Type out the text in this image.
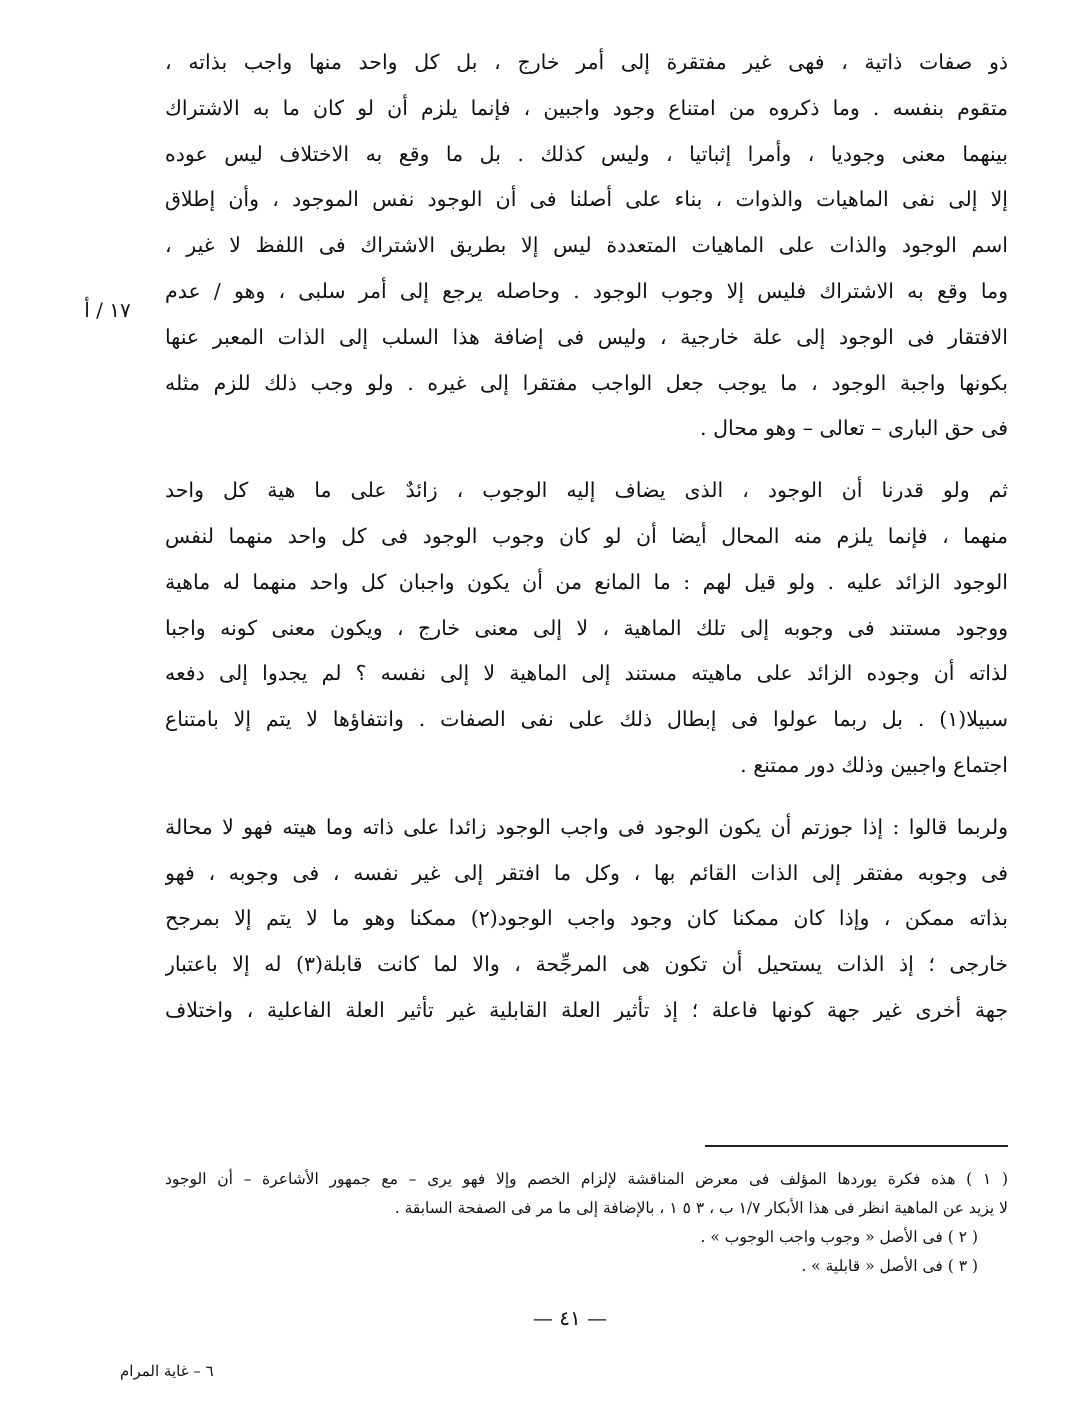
ذو صفات ذاتية ، فهى غير مفتقرة إلى أمر خارج ، بل كل واحد منها واجب بذاته ،
متقوم بنفسه . وما ذكروه من امتناع وجود واجبين ، فإنما يلزم أن لو كان ما به الاشتراك
بينهما معنى وجوديا ، وأمرا إثباتيا ، وليس كذلك . بل ما وقع به الاختلاف ليس عوده
إلا إلى نفى الماهيات والذوات ، بناء على أصلنا فى أن الوجود نفس الموجود ، وأن إطلاق
اسم الوجود والذات على الماهيات المتعددة ليس إلا بطريق الاشتراك فى اللفظ لا غير ،
وما وقع به الاشتراك فليس إلا وجوب الوجود . وحاصله يرجع إلى أمر سلبى ، وهو / عدم
الافتقار فى الوجود إلى علة خارجية ، وليس فى إضافة هذا السلب إلى الذات المعبر عنها
بكونها واجبة الوجود ، ما يوجب جعل الواجب مفتقرا إلى غيره . ولو وجب ذلك للزم مثله
فى حق البارى – تعالى – وهو محال .
ثم ولو قدرنا أن الوجود ، الذى يضاف إليه الوجوب ، زائدٌ على ما هية كل واحد
منهما ، فإنما يلزم منه المحال أيضا أن لو كان وجوب الوجود فى كل واحد منهما لنفس
الوجود الزائد عليه . ولو قيل لهم : ما المانع من أن يكون واجبان كل واحد منهما له ماهية
ووجود مستند فى وجوبه إلى تلك الماهية ، لا إلى معنى خارج ، ويكون معنى كونه واجبا
لذاته أن وجوده الزائد على ماهيته مستند إلى الماهية لا إلى نفسه ؟ لم يجدوا إلى دفعه
سبيلا(١) . بل ربما عولوا فى إبطال ذلك على نفى الصفات . وانتفاؤها لا يتم إلا بامتناع
اجتماع واجبين وذلك دور ممتنع .
ولربما قالوا : إذا جوزتم أن يكون الوجود فى واجب الوجود زائدا على ذاته وما هيته فهو لا محالة
فى وجوبه مفتقر إلى الذات القائم بها ، وكل ما افتقر إلى غير نفسه ، فى وجوبه ، فهو
بذاته ممكن ، وإذا كان ممكنا كان وجود واجب الوجود(٢) ممكنا وهو ما لا يتم إلا بمرجح
خارجى ؛ إذ الذات يستحيل أن تكون هى المرجِّحة ، والا لما كانت قابلة(٣) له إلا باعتبار
جهة أخرى غير جهة كونها فاعلة ؛ إذ تأثير العلة القابلية غير تأثير العلة الفاعلية ، واختلاف
١٧ / أ
( ١ ) هذه فكرة يوردها المؤلف فى معرض المناقشة لإلزام الخصم وإلا فهو يرى – مع جمهور الأشاعرة – أن الوجود
لا يزيد عن الماهية انظر فى هذا الأبكار ١/٧ ب ، ٣ ٥ ١ ، بالإضافة إلى ما مر فى الصفحة السابقة .
( ٢ ) فى الأصل « وجوب واجب الوجوب » .
( ٣ ) فى الأصل « قابلية » .
— ٤١ —
٦ – غاية المرام
